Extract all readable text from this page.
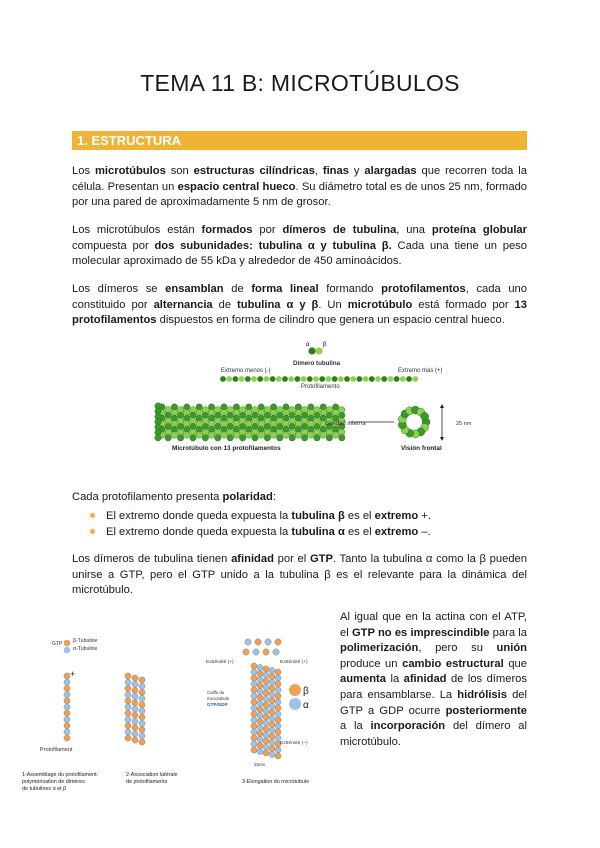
TEMA 11 B: MICROTÚBULOS
1. ESTRUCTURA

Los microtúbulos son estructuras cilíndricas, finas y alargadas que recorren toda la célula. Presentan un espacio central hueco. Su diámetro total es de unos 25 nm, formado por una pared de aproximadamente 5 nm de grosor.

Los microtúbulos están formados por dímeros de tubulina, una proteína globular compuesta por dos subunidades: tubulina α y tubulina β. Cada una tiene un peso molecular aproximado de 55 kDa y alrededor de 450 aminoácidos.

Los dímeros se ensamblan de forma lineal formando protofilamentos, cada uno constituido por alternancia de tubulina α y β. Un microtúbulo está formado por 13 protofilamentos dispuestos en forma de cilindro que genera un espacio central hueco.

α β
Dímero tubulina
Extremo menos (-)	Extremo más (+)
Protofilamento
cavidad interna	25 nm
Microtúbulo con 13 protofilamentos	Visión frontal

Cada protofilamento presenta polaridad:

El extremo donde queda expuesta la tubulina β es el extremo +.
El extremo donde queda expuesta la tubulina α es el extremo –.

Los dímeros de tubulina tienen afinidad por el GTP. Tanto la tubulina α como la β pueden unirse a GTP, pero el GTP unido a la tubulina β es el relevante para la dinámica del microtúbulo.

GTP β-Tubuline
α-Tubuline
+
Protofilament
Extrémité (+)	Extrémité (+)
Coiffe du
microtubule
GTP/GDP
Extrémité (−)
β
α
25nm
1-Assemblage du protofilament:
polymérisation de dimères
de tubulines α et β
2-Association latérale
de protofilaments	3-Elongation du microtubule

Al igual que en la actina con el ATP, el GTP no es imprescindible para la polimerización, pero su unión produce un cambio estructural que aumenta la afinidad de los dímeros para ensamblarse. La hidrólisis del GTP a GDP ocurre posteriormente a la incorporación del dímero al microtúbulo.
